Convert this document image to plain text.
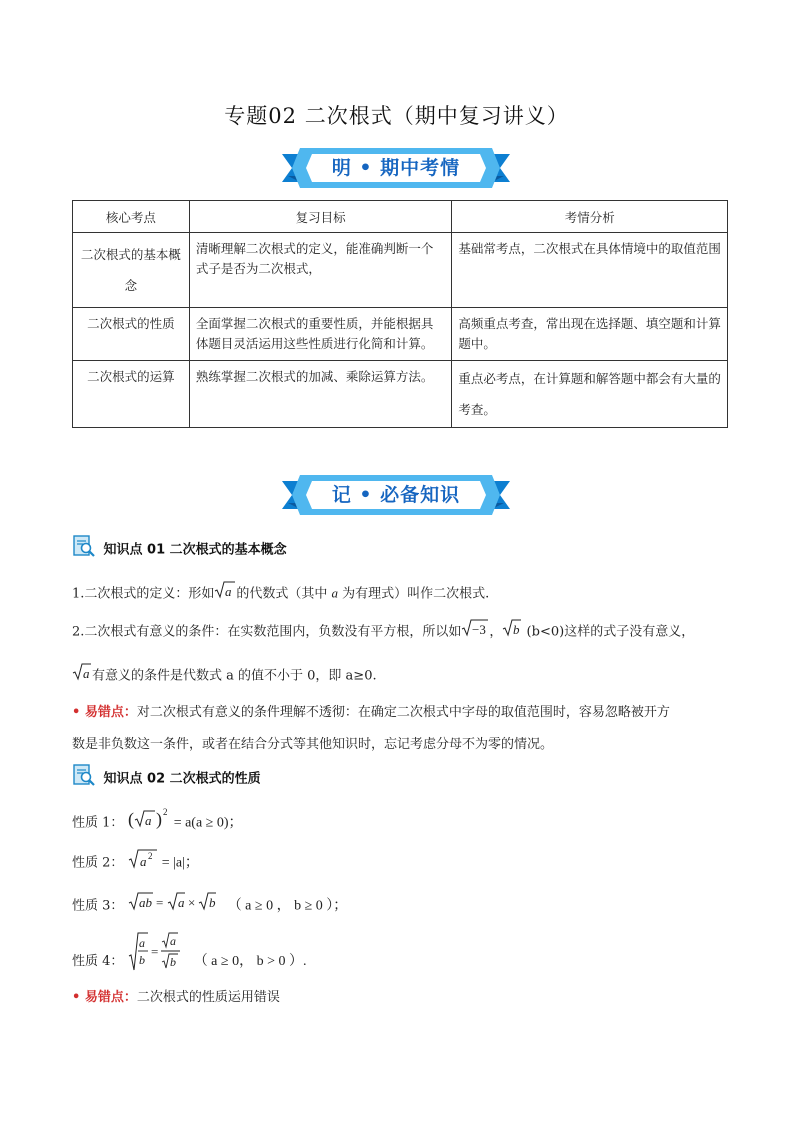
专题02 二次根式（期中复习讲义）
明 • 期中考情
核心考点	复习目标	考情分析
二次根式的基本概念	清晰理解二次根式的定义，能准确判断一个式子是否为二次根式，	基础常考点，二次根式在具体情境中的取值范围
二次根式的性质	全面掌握二次根式的重要性质，并能根据具体题目灵活运用这些性质进行化简和计算。	高频重点考查，常出现在选择题、填空题和计算题中。
二次根式的运算	熟练掌握二次根式的加减、乘除运算方法。	重点必考点，在计算题和解答题中都会有大量的考查。
记 • 必备知识
知识点 01 二次根式的基本概念
1.二次根式的定义：形如 a 的代数式（其中 a 为有理式）叫作二次根式.
2.二次根式有意义的条件：在实数范围内，负数没有平方根，所以如 −3 ， b (b<0)这样的式子没有意义，
a 有意义的条件是代数式 a 的值不小于 0，即 a≥0.
• 易错点：对二次根式有意义的条件理解不透彻：在确定二次根式中字母的取值范围时，容易忽略被开方
数是非负数这一条件，或者在结合分式等其他知识时，忘记考虑分母不为零的情况。
知识点 02 二次根式的性质
性质 1： ( a ) 2
= a(a ≥ 0)；
性质 2： a 2 = |a|；
性质 3： ab = a × b （ a ≥ 0 ， b ≥ 0 ）；
性质 4：
a
b
=
a
b （ a ≥ 0， b > 0 ）.
• 易错点：二次根式的性质运用错误
